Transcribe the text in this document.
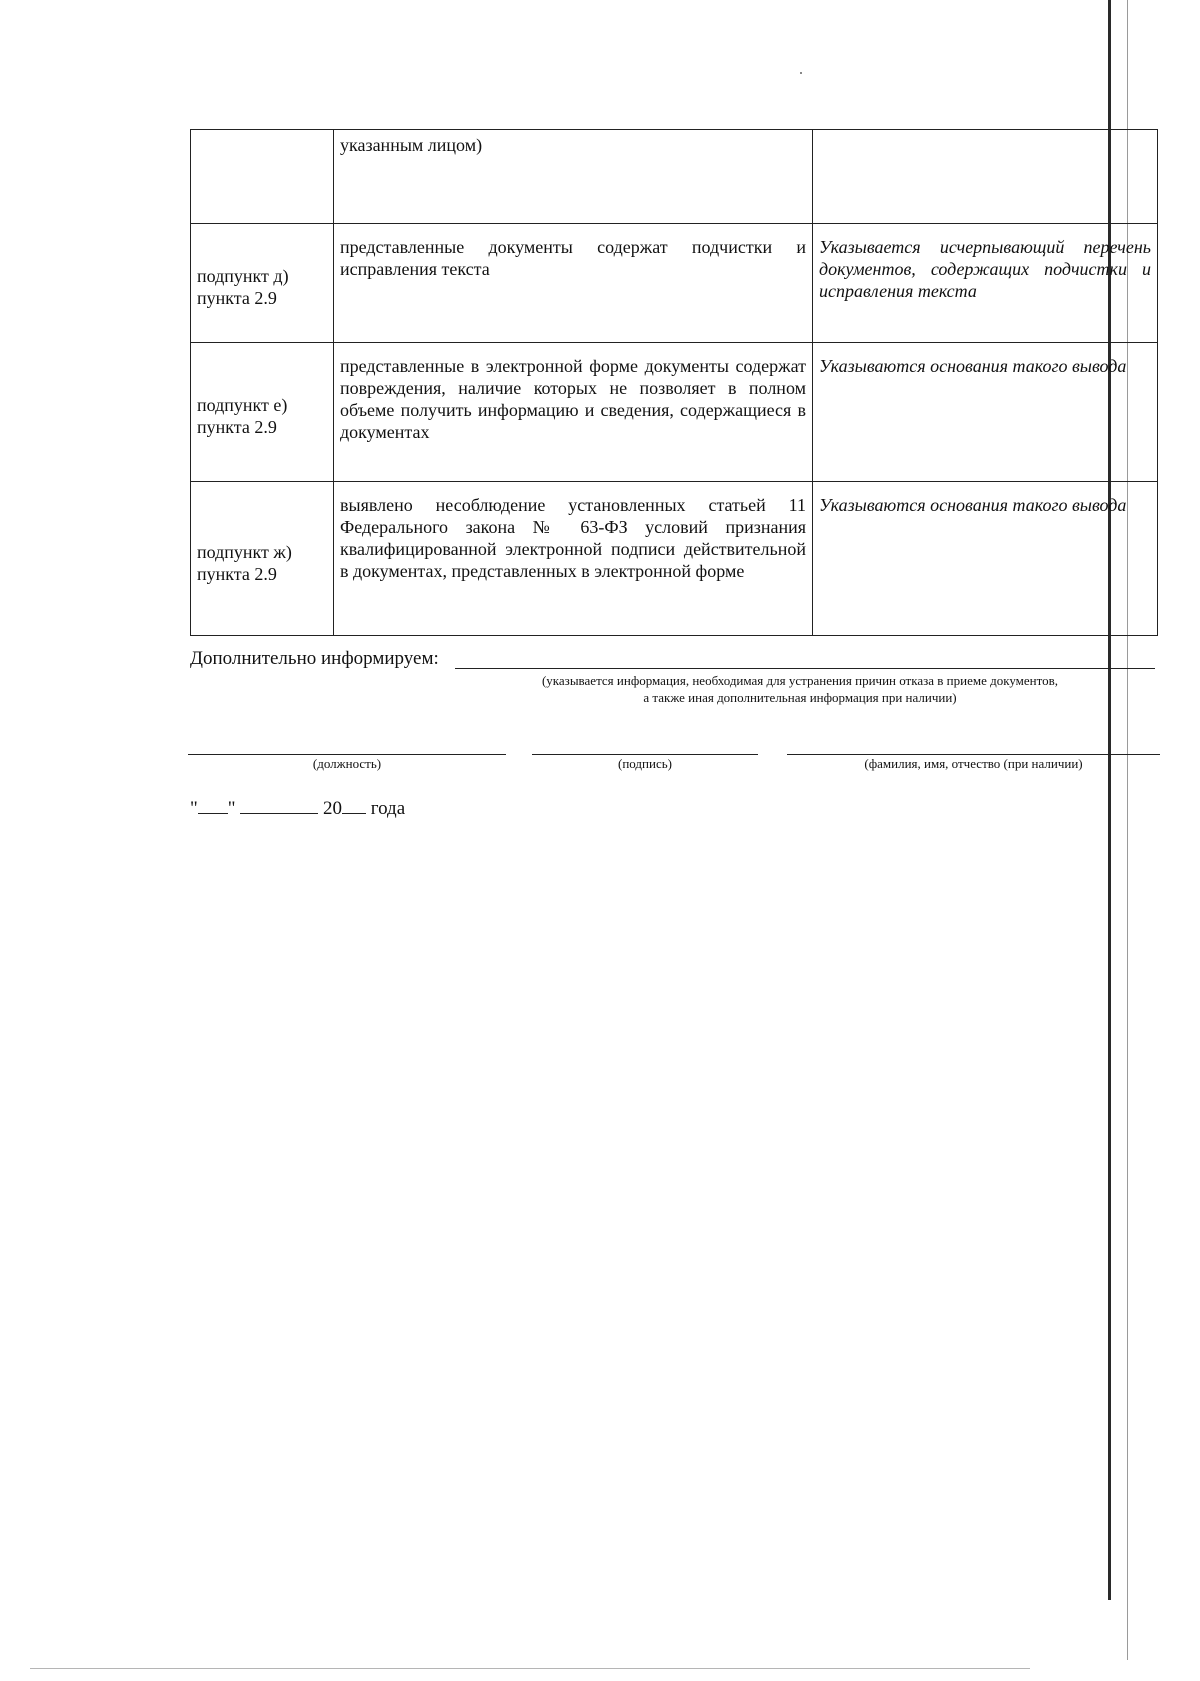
	указанным лицом)	

подпункт д)
пункта 2.9	представленные документы содержат подчистки и исправления текста	Указывается исчерпывающий перечень документов, содержащих подчистки и исправления текста

подпункт е)
пункта 2.9	представленные в электронной форме документы содержат повреждения, наличие которых не позволяет в полном объеме получить информацию и сведения, содержащиеся в документах	Указываются основания такого вывода

подпункт ж)
пункта 2.9	выявлено несоблюдение установленных статьей 11 Федерального закона № 63-ФЗ условий признания квалифицированной электронной подписи действительной в документах, представленных в электронной форме	Указываются основания такого вывода
Дополнительно информируем:
(указывается информация, необходимая для устранения причин отказа в приеме документов,
а также иная дополнительная информация при наличии)
(должность)	(подпись)	(фамилия, имя, отчество (при наличии)
" "	20 года
